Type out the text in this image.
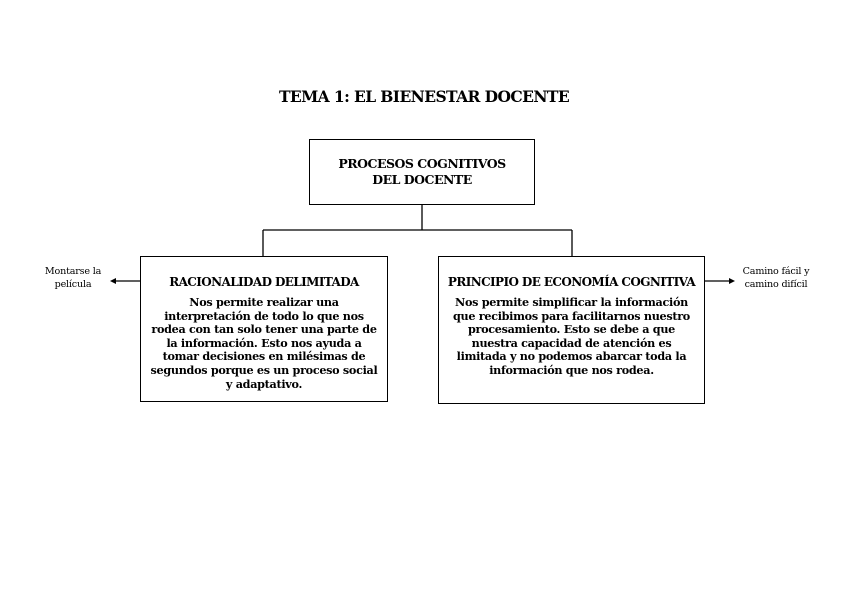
TEMA 1: EL BIENESTAR DOCENTE
PROCESOS COGNITIVOS DEL DOCENTE
RACIONALIDAD DELIMITADA
Nos permite realizar una interpretación de todo lo que nos rodea con tan solo tener una parte de la información. Esto nos ayuda a tomar decisiones en milésimas de segundos porque es un proceso social y adaptativo.
PRINCIPIO DE ECONOMÍA COGNITIVA
Nos permite simplificar la información que recibimos para facilitarnos nuestro procesamiento. Esto se debe a que nuestra capacidad de atención es limitada y no podemos abarcar toda la información que nos rodea.
Montarse la película
Camino fácil y camino difícil
